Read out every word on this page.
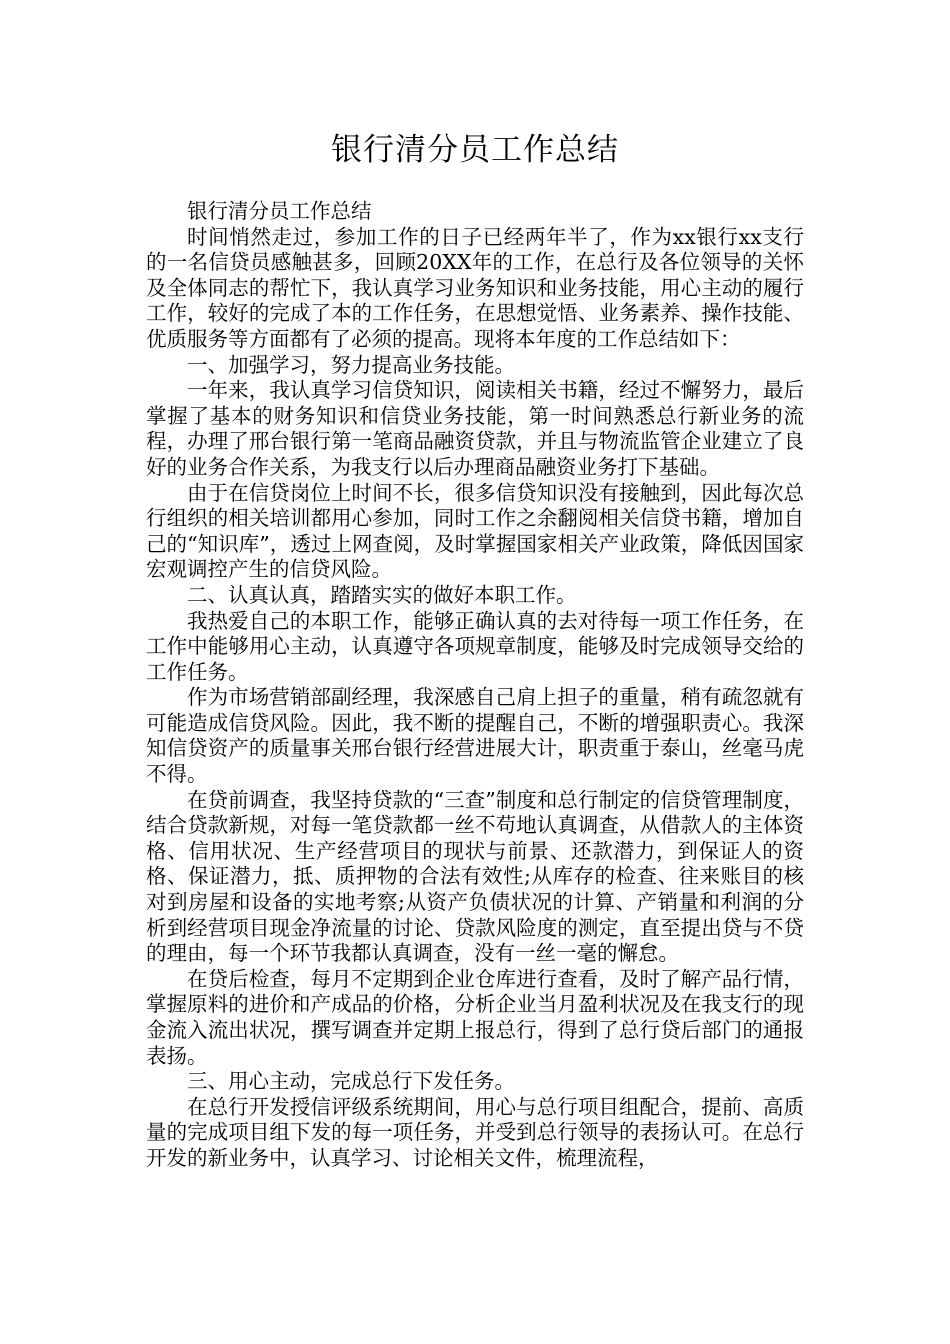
银行清分员工作总结

银行清分员工作总结

时间悄然走过，参加工作的日子已经两年半了，作为xx银行xx支行的一名信贷员感触甚多，回顾20XX年的工作，在总行及各位领导的关怀及全体同志的帮忙下，我认真学习业务知识和业务技能，用心主动的履行工作，较好的完成了本的工作任务，在思想觉悟、业务素养、操作技能、优质服务等方面都有了必须的提高。现将本年度的工作总结如下：

一、加强学习，努力提高业务技能。

一年来，我认真学习信贷知识，阅读相关书籍，经过不懈努力，最后掌握了基本的财务知识和信贷业务技能，第一时间熟悉总行新业务的流程，办理了邢台银行第一笔商品融资贷款，并且与物流监管企业建立了良好的业务合作关系，为我支行以后办理商品融资业务打下基础。

由于在信贷岗位上时间不长，很多信贷知识没有接触到，因此每次总行组织的相关培训都用心参加，同时工作之余翻阅相关信贷书籍，增加自己的“知识库”，透过上网查阅，及时掌握国家相关产业政策，降低因国家宏观调控产生的信贷风险。

二、认真认真，踏踏实实的做好本职工作。

我热爱自己的本职工作，能够正确认真的去对待每一项工作任务，在工作中能够用心主动，认真遵守各项规章制度，能够及时完成领导交给的工作任务。

作为市场营销部副经理，我深感自己肩上担子的重量，稍有疏忽就有可能造成信贷风险。因此，我不断的提醒自己，不断的增强职责心。我深知信贷资产的质量事关邢台银行经营进展大计，职责重于泰山，丝毫马虎不得。

在贷前调查，我坚持贷款的“三查”制度和总行制定的信贷管理制度，结合贷款新规，对每一笔贷款都一丝不苟地认真调查，从借款人的主体资格、信用状况、生产经营项目的现状与前景、还款潜力，到保证人的资格、保证潜力，抵、质押物的合法有效性;从库存的检查、往来账目的核对到房屋和设备的实地考察;从资产负债状况的计算、产销量和利润的分析到经营项目现金净流量的讨论、贷款风险度的测定，直至提出贷与不贷的理由，每一个环节我都认真调查，没有一丝一毫的懈怠。

在贷后检查，每月不定期到企业仓库进行查看，及时了解产品行情，掌握原料的进价和产成品的价格，分析企业当月盈利状况及在我支行的现金流入流出状况，撰写调查并定期上报总行，得到了总行贷后部门的通报表扬。

三、用心主动，完成总行下发任务。

在总行开发授信评级系统期间，用心与总行项目组配合，提前、高质量的完成项目组下发的每一项任务，并受到总行领导的表扬认可。在总行开发的新业务中，认真学习、讨论相关文件，梳理流程，
